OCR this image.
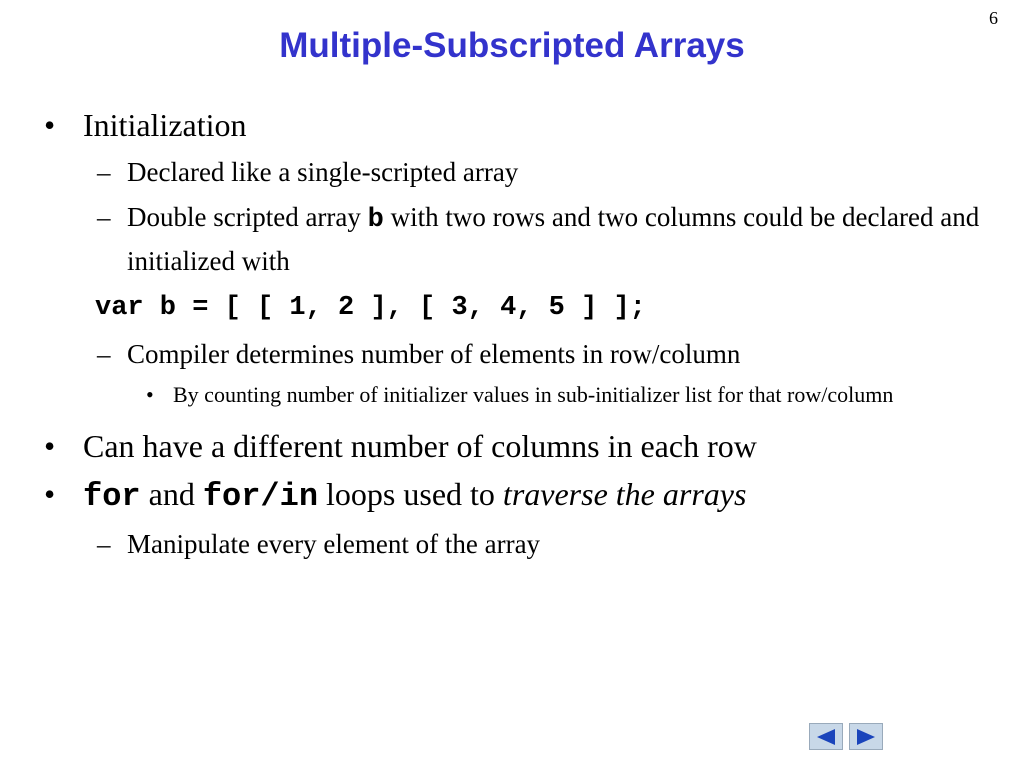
6
Multiple-Subscripted Arrays
• Initialization
– Declared like a single-scripted array
– Double scripted array b with two rows and two columns could be declared and initialized with
var b = [ [ 1, 2 ], [ 3, 4, 5 ] ];
– Compiler determines number of elements in row/column
• By counting number of initializer values in sub-initializer list for that row/column
• Can have a different number of columns in each row
• for and for/in loops used to traverse the arrays
– Manipulate every element of the array
